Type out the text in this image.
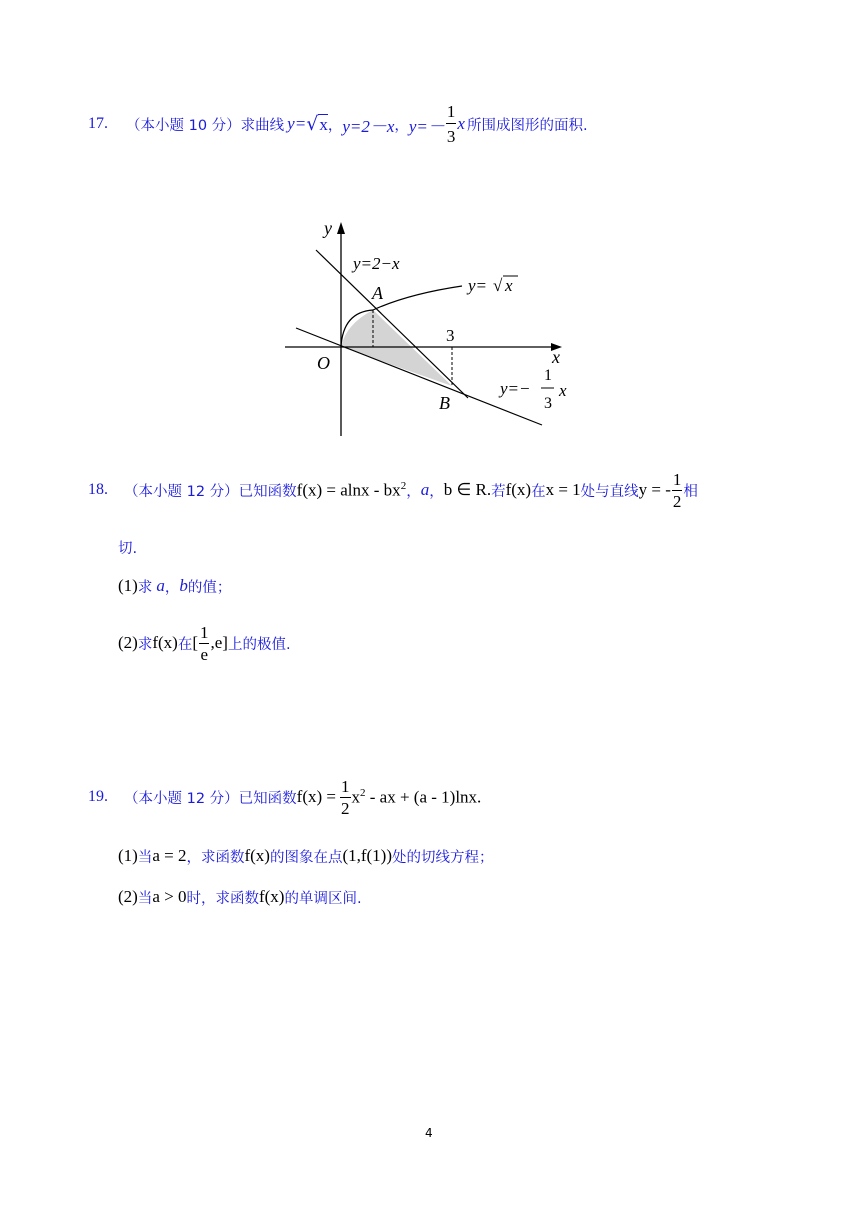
17. （本小题 10 分） 求曲线 y= √ x ， y=2－x ， $y=- \frac{1}{3}$ x 所围成图形的面积.
y
x
O
y=2−x
A
B
3
y= √ x
y=−
1
3
x
18. （本小题 12 分） 已知函数 $f(x) = alnx - bx^2$ ， a ， b ∈ R. 若 f(x) 在 x = 1 处与直线 y = - $\frac{1}{2}$ 相
切.
(1) 求 a ， b 的值；
(2) 求 f(x) 在 [ $\frac{1}{e} ,e$] 上的极值.
19. （本小题 12 分） 已知函数 $f(x) = \frac{1}{2} x^2$ - ax + (a - 1)lnx.
(1) 当 a = 2 ，求函数 f(x) 的图象在点 (1,f(1)) 处的切线方程；
(2) 当 a > 0 时，求函数 f(x) 的单调区间.
4
